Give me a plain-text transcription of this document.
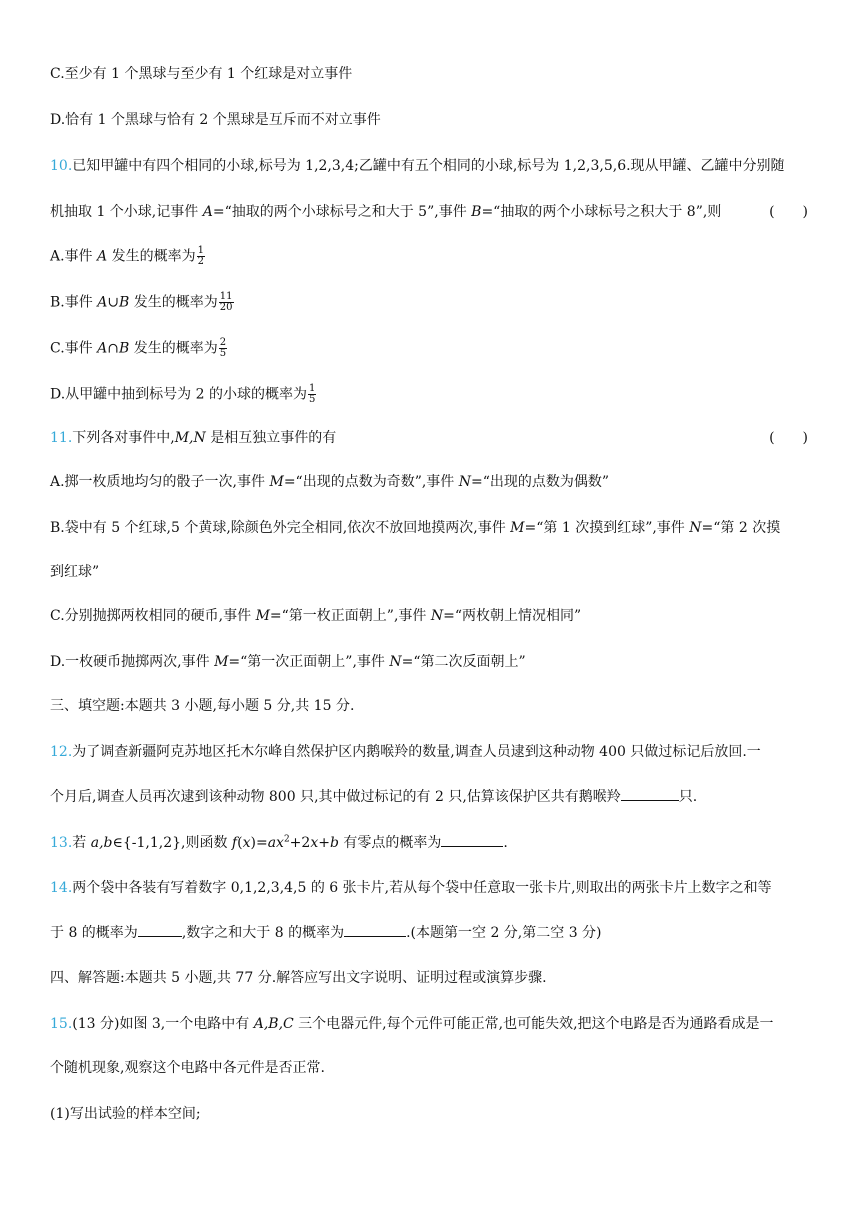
C.至少有 1 个黑球与至少有 1 个红球是对立事件
D.恰有 1 个黑球与恰有 2 个黑球是互斥而不对立事件
10.已知甲罐中有四个相同的小球,标号为 1,2,3,4;乙罐中有五个相同的小球,标号为 1,2,3,5,6.现从甲罐、乙罐中分别随
机抽取 1 个小球,记事件 A=“抽取的两个小球标号之和大于 5”,事件 B=“抽取的两个小球标号之积大于 8”,则	(　　)
A.事件 A 发生的概率为 $\frac{1}{2}$
B.事件 A∪B 发生的概率为 $\frac{11}{20}$
C.事件 A∩B 发生的概率为 $\frac{2}{5}$
D.从甲罐中抽到标号为 2 的小球的概率为 $\frac{1}{5}$
11.下列各对事件中,M,N 是相互独立事件的有	(　　)
A.掷一枚质地均匀的骰子一次,事件 M=“出现的点数为奇数”,事件 N=“出现的点数为偶数”
B.袋中有 5 个红球,5 个黄球,除颜色外完全相同,依次不放回地摸两次,事件 M=“第 1 次摸到红球”,事件 N=“第 2 次摸
到红球”
C.分别抛掷两枚相同的硬币,事件 M=“第一枚正面朝上”,事件 N=“两枚朝上情况相同”
D.一枚硬币抛掷两次,事件 M=“第一次正面朝上”,事件 N=“第二次反面朝上”
三、填空题:本题共 3 小题,每小题 5 分,共 15 分.
12.为了调查新疆阿克苏地区托木尔峰自然保护区内鹅喉羚的数量,调查人员逮到这种动物 400 只做过标记后放回.一
个月后,调查人员再次逮到该种动物 800 只,其中做过标记的有 2 只,估算该保护区共有鹅喉羚	只.
13.若 a,b∈{-1,1,2},则函数 $f(x)=ax^2+2x+b$ 有零点的概率为	.
14.两个袋中各装有写着数字 0,1,2,3,4,5 的 6 张卡片,若从每个袋中任意取一张卡片,则取出的两张卡片上数字之和等
于 8 的概率为	,数字之和大于 8 的概率为	.(本题第一空 2 分,第二空 3 分)
四、解答题:本题共 5 小题,共 77 分.解答应写出文字说明、证明过程或演算步骤.
15.(13 分)如图 3,一个电路中有 A,B,C 三个电器元件,每个元件可能正常,也可能失效,把这个电路是否为通路看成是一
个随机现象,观察这个电路中各元件是否正常.
(1)写出试验的样本空间;
